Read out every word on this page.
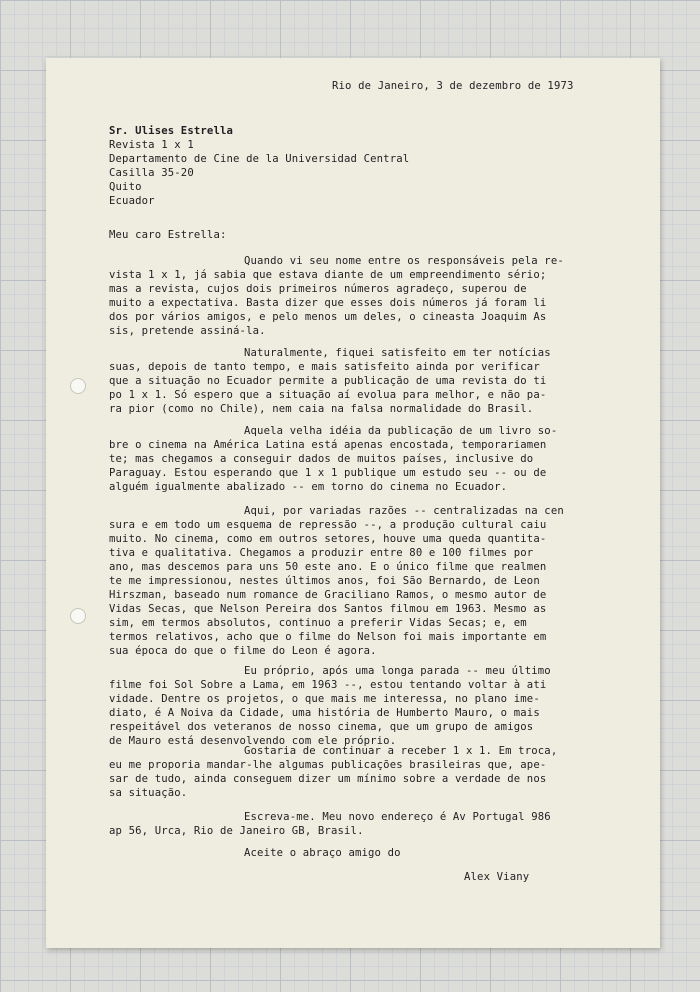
Rio de Janeiro, 3 de dezembro de 1973
Sr. Ulises Estrella
Revista 1 x 1
Departamento de Cine de la Universidad Central
Casilla 35-20
Quito
Ecuador
Meu caro Estrella:
Quando vi seu nome entre os responsáveis pela re-
vista 1 x 1, já sabia que estava diante de um empreendimento sério;
mas a revista, cujos dois primeiros números agradeço, superou de
muito a expectativa. Basta dizer que esses dois números já foram li
dos por vários amigos, e pelo menos um deles, o cineasta Joaquim As
sis, pretende assiná-la.
Naturalmente, fiquei satisfeito em ter notícias
suas, depois de tanto tempo, e mais satisfeito ainda por verificar
que a situação no Ecuador permite a publicação de uma revista do ti
po 1 x 1. Só espero que a situação aí evolua para melhor, e não pa-
ra pior (como no Chile), nem caia na falsa normalidade do Brasil.
Aquela velha idéia da publicação de um livro so-
bre o cinema na América Latina está apenas encostada, temporariamen
te; mas chegamos a conseguir dados de muitos países, inclusive do
Paraguay. Estou esperando que 1 x 1 publique um estudo seu -- ou de
alguém igualmente abalizado -- em torno do cinema no Ecuador.
Aqui, por variadas razões -- centralizadas na cen
sura e em todo um esquema de repressão --, a produção cultural caiu
muito. No cinema, como em outros setores, houve uma queda quantita-
tiva e qualitativa. Chegamos a produzir entre 80 e 100 filmes por
ano, mas descemos para uns 50 este ano. E o único filme que realmen
te me impressionou, nestes últimos anos, foi São Bernardo, de Leon
Hirszman, baseado num romance de Graciliano Ramos, o mesmo autor de
Vidas Secas, que Nelson Pereira dos Santos filmou em 1963. Mesmo as
sim, em termos absolutos, continuo a preferir Vidas Secas; e, em
termos relativos, acho que o filme do Nelson foi mais importante em
sua época do que o filme do Leon é agora.
Eu próprio, após uma longa parada -- meu último
filme foi Sol Sobre a Lama, em 1963 --, estou tentando voltar à ati
vidade. Dentre os projetos, o que mais me interessa, no plano ime-
diato, é A Noiva da Cidade, uma história de Humberto Mauro, o mais
respeitável dos veteranos de nosso cinema, que um grupo de amigos
de Mauro está desenvolvendo com ele próprio.
Gostaria de continuar a receber 1 x 1. Em troca,
eu me proporia mandar-lhe algumas publicações brasileiras que, ape-
sar de tudo, ainda conseguem dizer um mínimo sobre a verdade de nos
sa situação.
Escreva-me. Meu novo endereço é Av Portugal 986
ap 56, Urca, Rio de Janeiro GB, Brasil.
Aceite o abraço amigo do
Alex Viany
